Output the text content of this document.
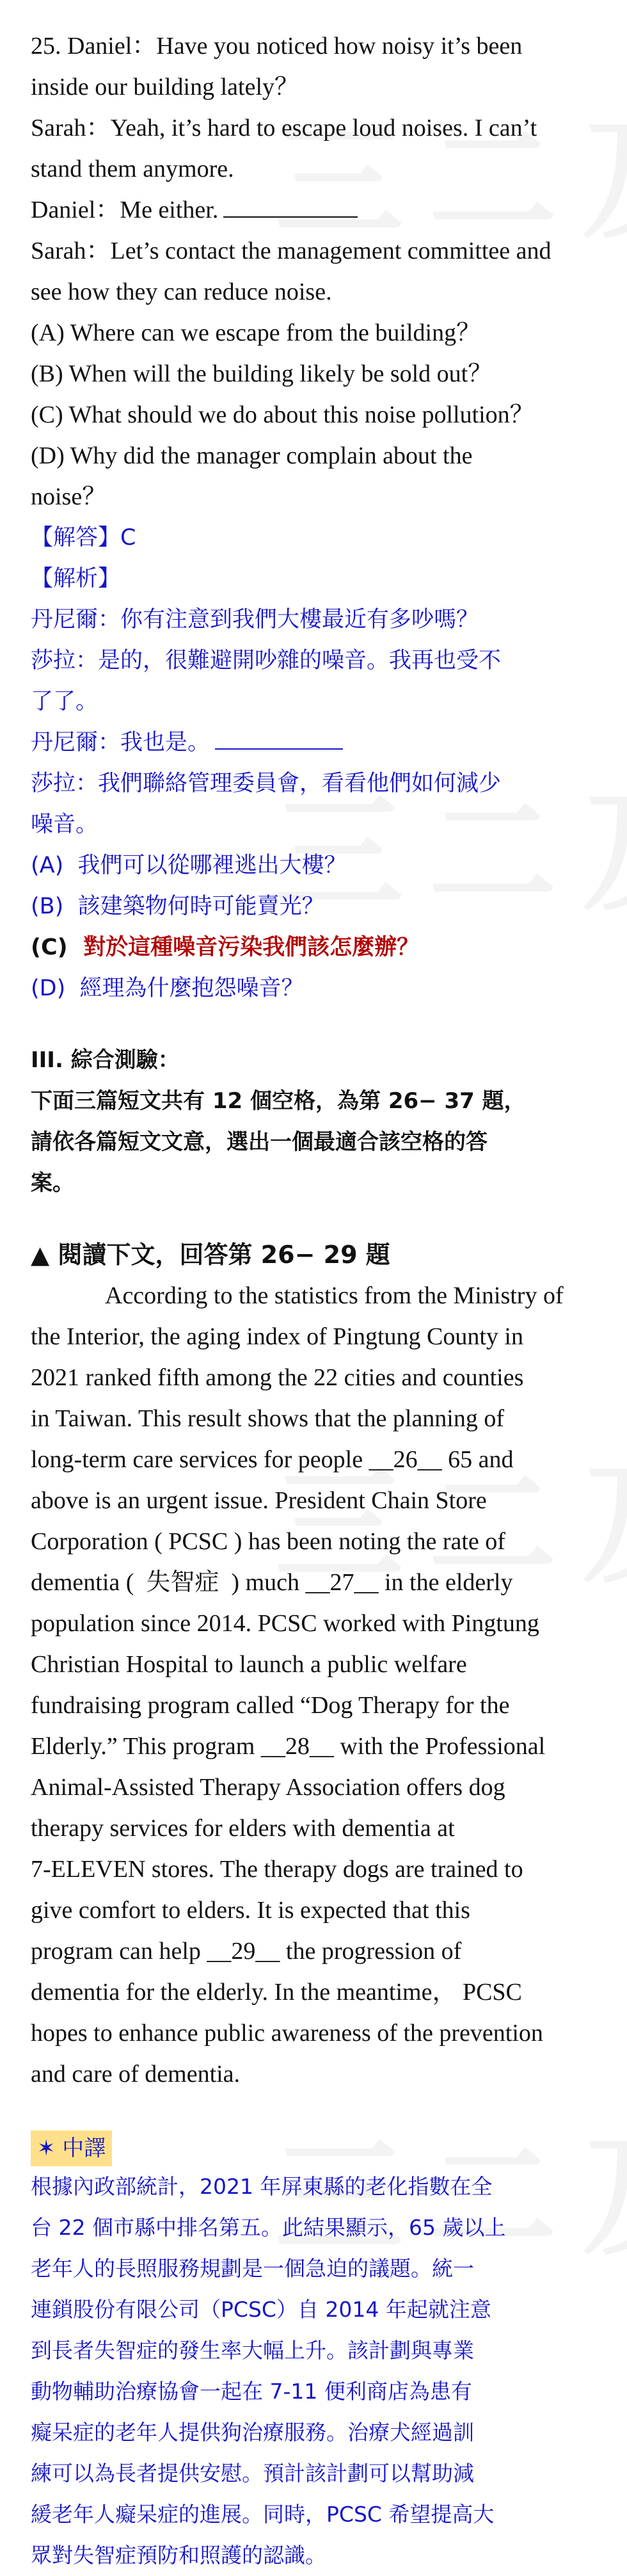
25. Daniel：Have you noticed how noisy it’s been

inside our building lately？

Sarah：Yeah, it’s hard to escape loud noises. I can’t

stand them anymore.

Daniel：Me either.

Sarah：Let’s contact the management committee and

see how they can reduce noise.

(A) Where can we escape from the building？

(B) When will the building likely be sold out？

(C) What should we do about this noise pollution？

(D) Why did the manager complain about the

noise？

【解答】C

【解析】

丹尼爾：你有注意到我們大樓最近有多吵嗎？

莎拉：是的，很難避開吵雜的噪音。我再也受不

了了。

丹尼爾：我也是。

莎拉：我們聯絡管理委員會，看看他們如何減少

噪音。

(A) 我們可以從哪裡逃出大樓？

(B) 該建築物何時可能賣光？

(C) 對於這種噪音污染我們該怎麼辦？

(D) 經理為什麼抱怨噪音？

III. 綜合測驗：

下面三篇短文共有 12 個空格，為第 26− 37 題，

請依各篇短文文意，選出一個最適合該空格的答

案。

▲ 閱讀下文，回答第 26− 29 題

According to the statistics from the Ministry of

the Interior, the aging index of Pingtung County in

2021 ranked fifth among the 22 cities and counties

in Taiwan. This result shows that the planning of

long-term care services for people __26__ 65 and

above is an urgent issue. President Chain Store

Corporation ( PCSC ) has been noting the rate of

dementia (  失智症  ) much __27__ in the elderly

population since 2014. PCSC worked with Pingtung

Christian Hospital to launch a public welfare

fundraising program called “Dog Therapy for the

Elderly.” This program __28__ with the Professional

Animal-Assisted Therapy Association offers dog

therapy services for elders with dementia at

7-ELEVEN stores. The therapy dogs are trained to

give comfort to elders. It is expected that this

program can help __29__ the progression of

dementia for the elderly. In the meantime， PCSC

hopes to enhance public awareness of the prevention

and care of dementia.

✶ 中譯

根據內政部統計，2021 年屏東縣的老化指數在全

台 22 個市縣中排名第五。此結果顯示，65 歲以上

老年人的長照服務規劃是一個急迫的議題。統一

連鎖股份有限公司（PCSC）自 2014 年起就注意

到長者失智症的發生率大幅上升。該計劃與專業

動物輔助治療協會一起在 7-11 便利商店為患有

癡呆症的老年人提供狗治療服務。治療犬經過訓

練可以為長者提供安慰。預計該計劃可以幫助減

緩老年人癡呆症的進展。同時，PCSC 希望提高大

眾對失智症預防和照護的認識。
